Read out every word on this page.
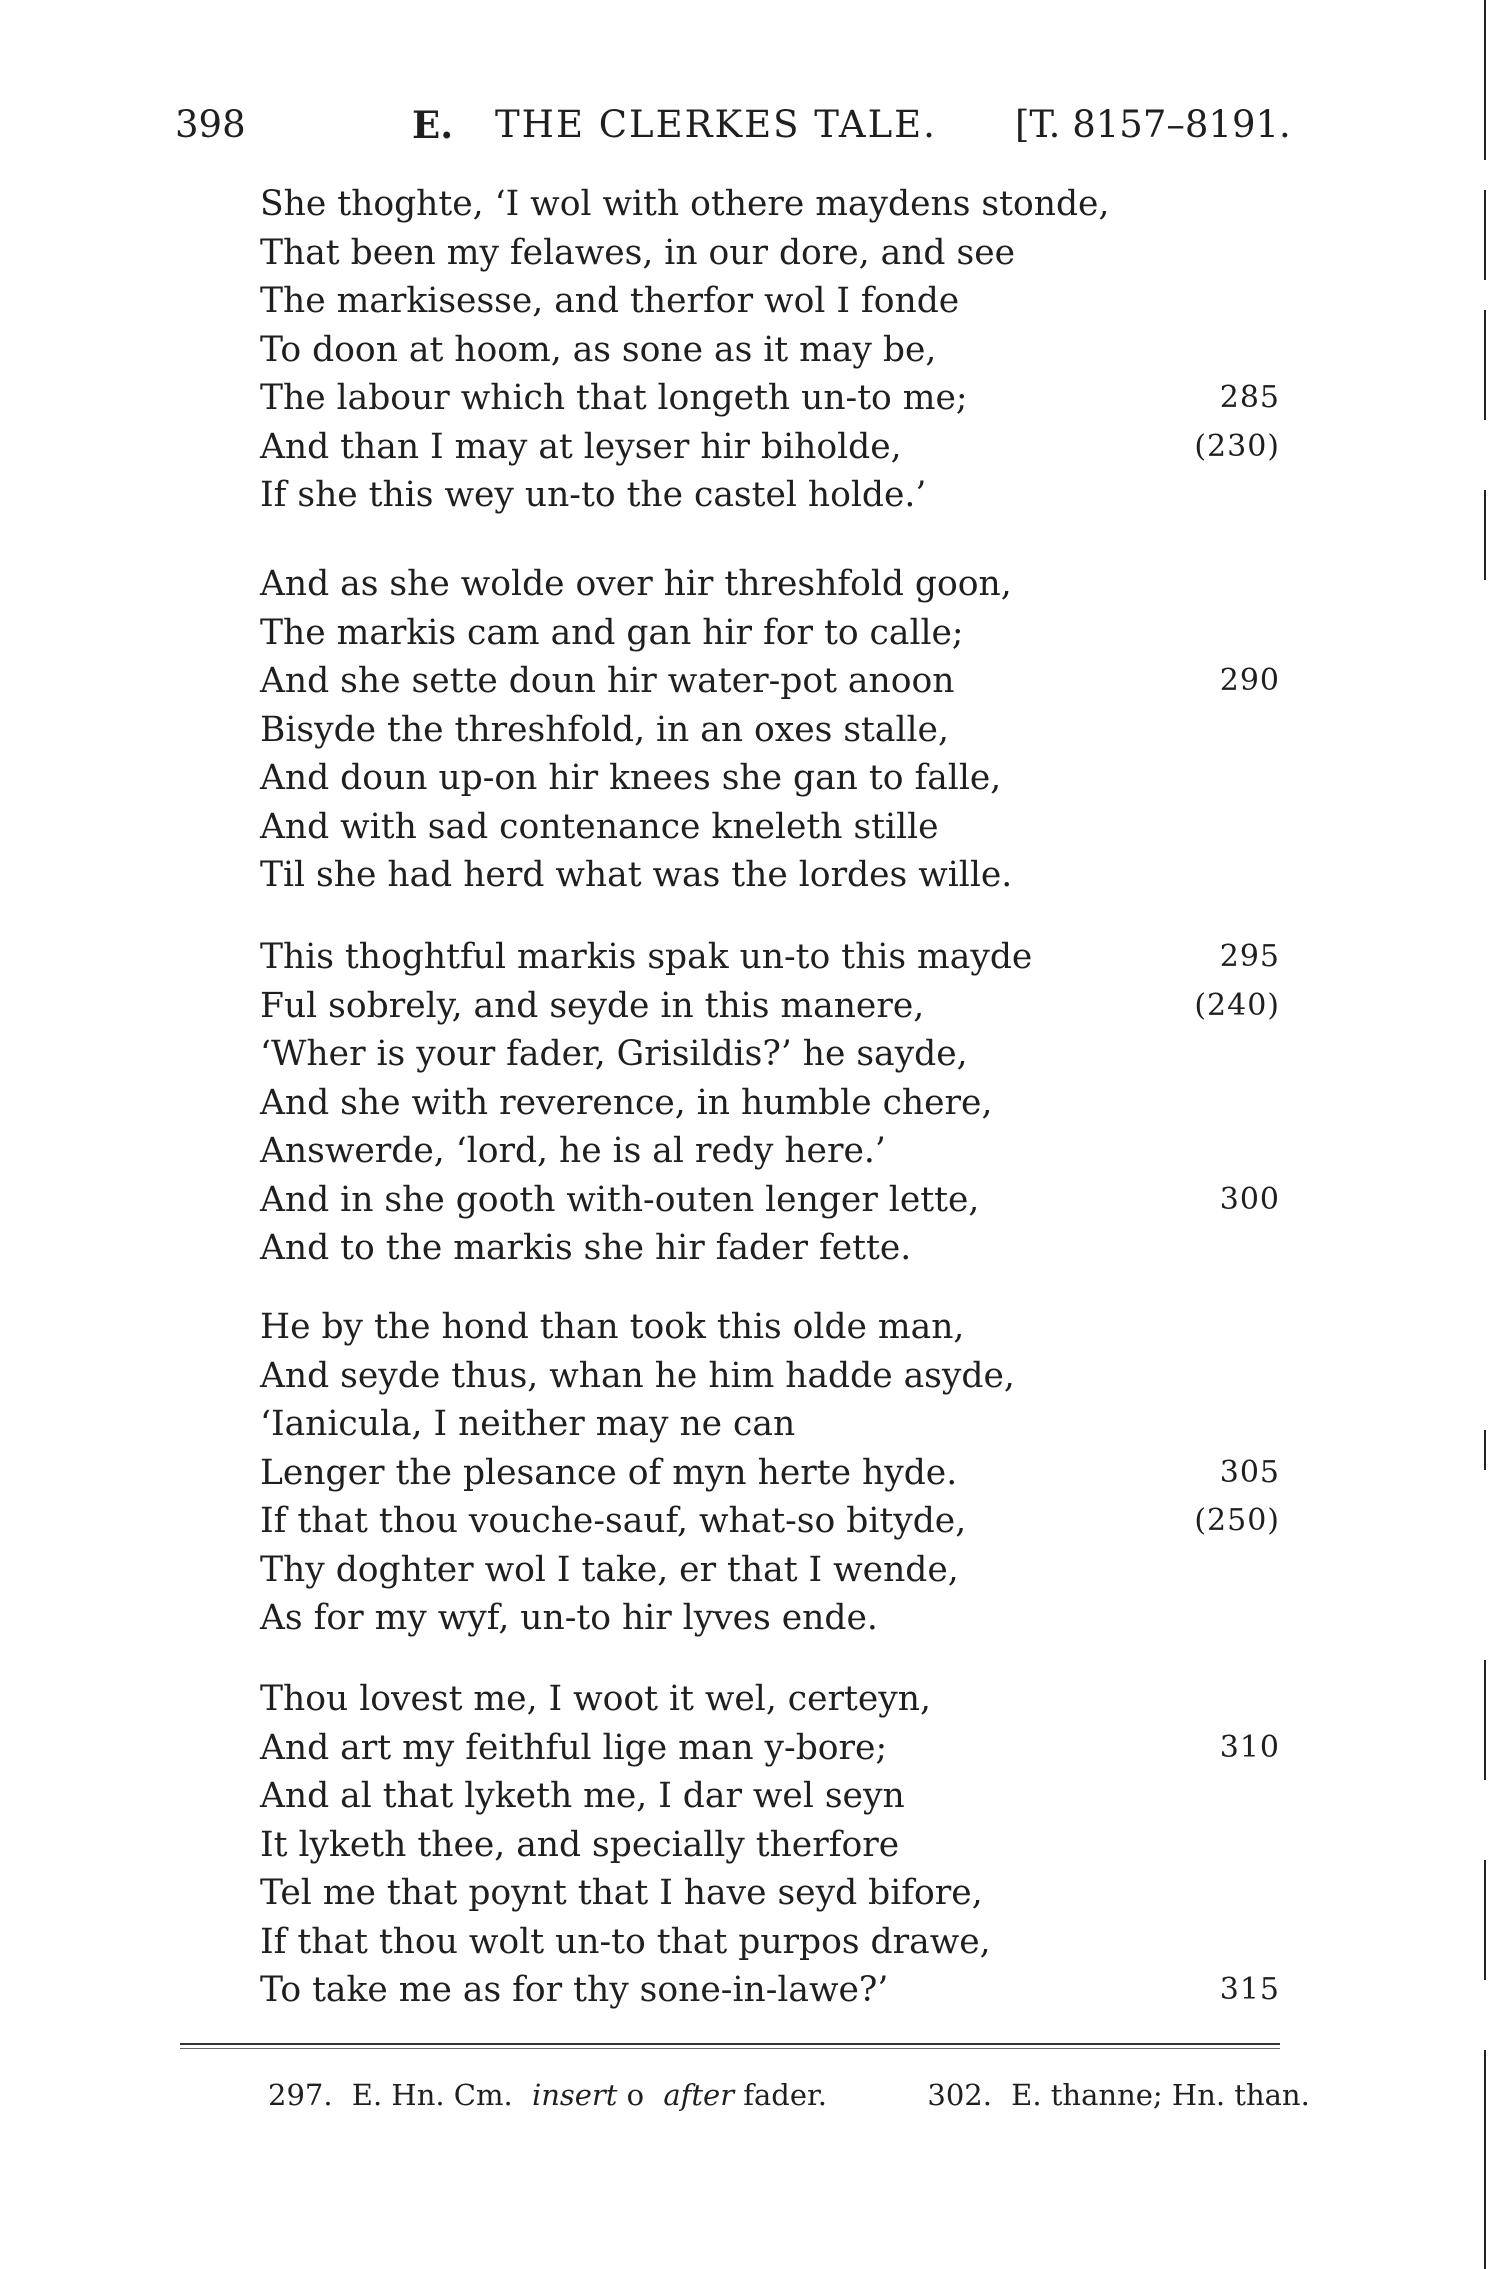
398	E. THE CLERKES TALE. [T. 8157–8191.
She thoghte, ‘I wol with othere maydens stonde,
That been my felawes, in our dore, and see
The markisesse, and therfor wol I fonde
To doon at hoom, as sone as it may be,
The labour which that longeth un-to me;	285
And than I may at leyser hir biholde,	(230)
If she this wey un-to the castel holde.’
And as she wolde over hir threshfold goon,
The markis cam and gan hir for to calle;
And she sette doun hir water-pot anoon	290
Bisyde the threshfold, in an oxes stalle,
And doun up-on hir knees she gan to falle,
And with sad contenance kneleth stille
Til she had herd what was the lordes wille.
This thoghtful markis spak un-to this mayde	295
Ful sobrely, and seyde in this manere,	(240)
‘Wher is your fader, Grisildis?’ he sayde,
And she with reverence, in humble chere,
Answerde, ‘lord, he is al redy here.’
And in she gooth with-outen lenger lette,	300
And to the markis she hir fader fette.
He by the hond than took this olde man,
And seyde thus, whan he him hadde asyde,
‘Ianicula, I neither may ne can
Lenger the plesance of myn herte hyde.	305
If that thou vouche-sauf, what-so bityde,	(250)
Thy doghter wol I take, er that I wende,
As for my wyf, un-to hir lyves ende.
Thou lovest me, I woot it wel, certeyn,
And art my feithful lige man y-bore;	310
And al that lyketh me, I dar wel seyn
It lyketh thee, and specially therfore
Tel me that poynt that I have seyd bifore,
If that thou wolt un-to that purpos drawe,
To take me as for thy sone-in-lawe?’	315
297. E. Hn. Cm. insert o after fader.	302. E. thanne; Hn. than.
